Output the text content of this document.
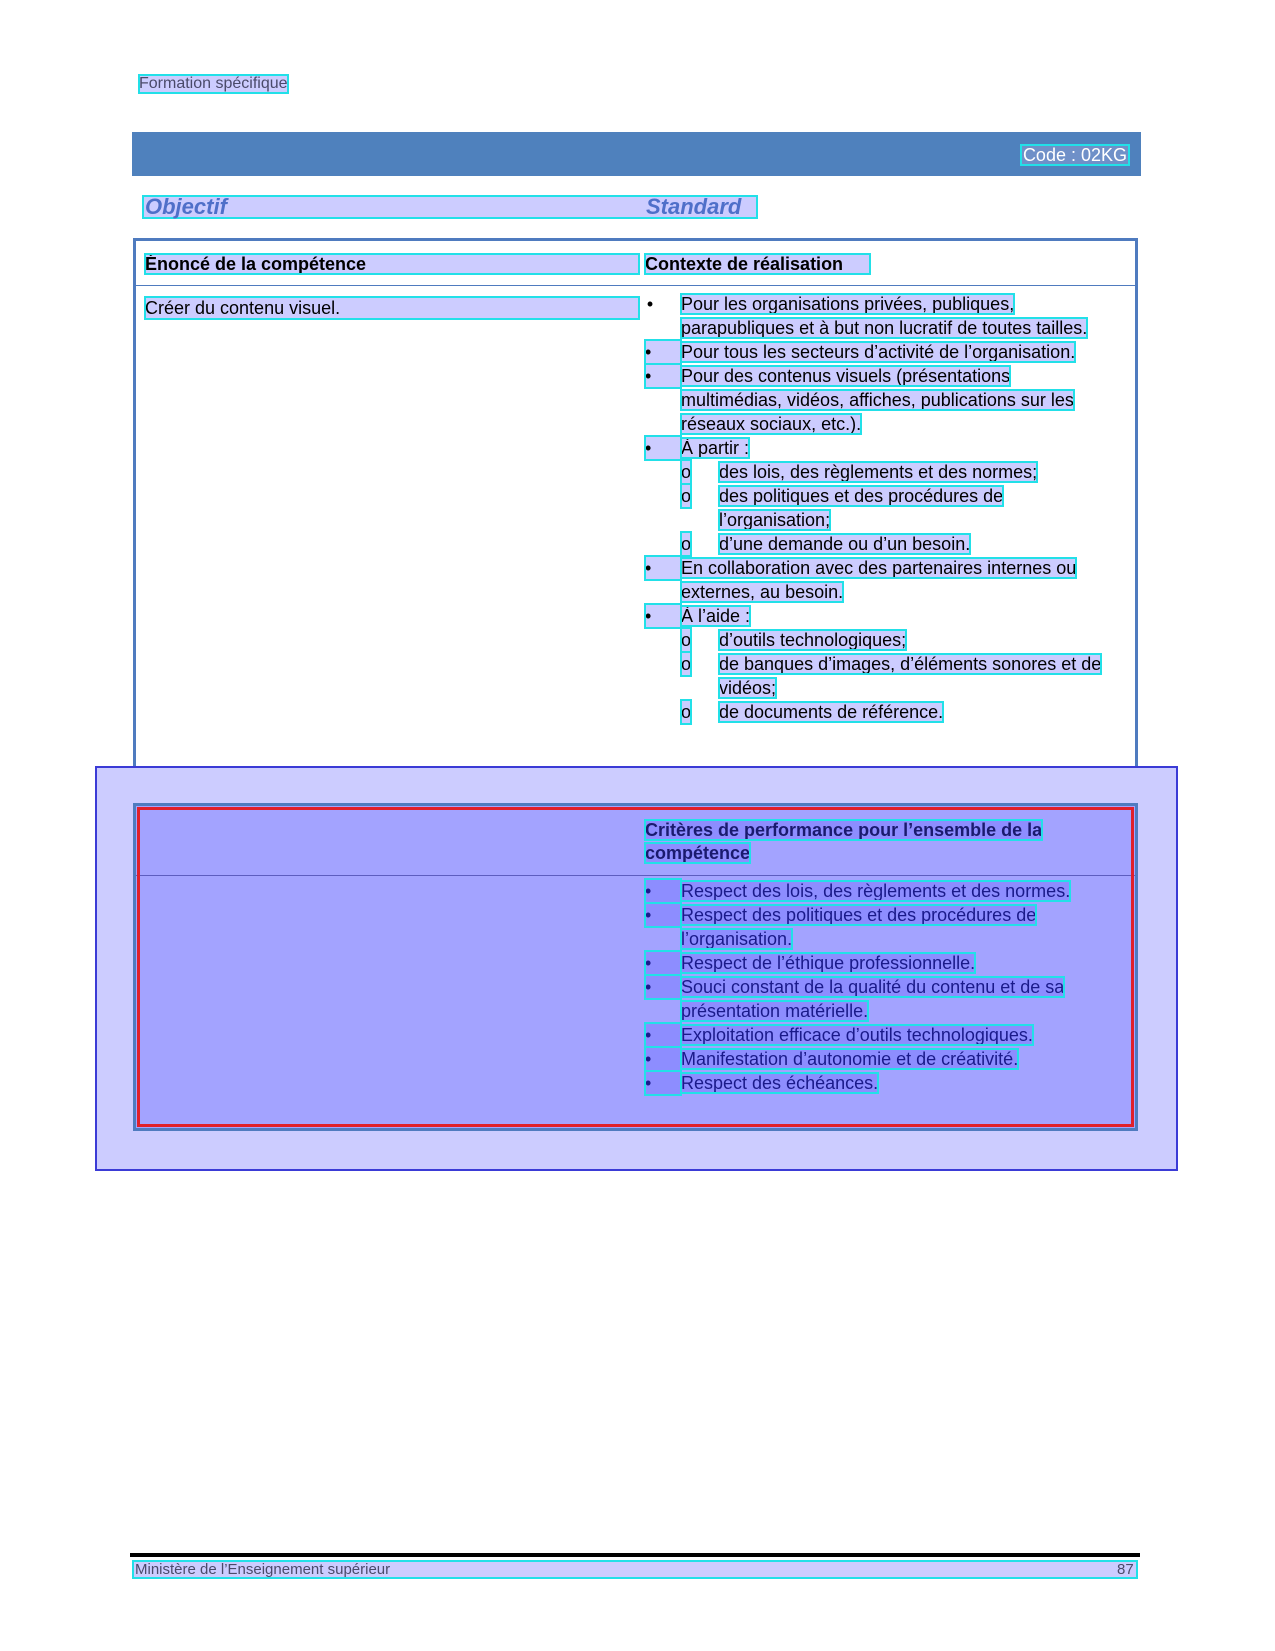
Formation spécifique
Code : 02KG
Objectif	Standard
Énoncé de la compétence	Contexte de réalisation
Créer du contenu visuel.	• Pour les organisations privées, publiques, parapubliques et à but non lucratif de toutes tailles.
•	Pour tous les secteurs d’activité de l’organisation.
•	Pour des contenus visuels (présentations multimédias, vidéos, affiches, publications sur les réseaux sociaux, etc.).
•	À partir :
o des lois, des règlements et des normes;
o des politiques et des procédures de l’organisation;
o d’une demande ou d’un besoin.
•	En collaboration avec des partenaires internes ou externes, au besoin.
•	À l’aide :
o d’outils technologiques;
o de banques d’images, d’éléments sonores et de vidéos;
o de documents de référence.
Critères de performance pour l’ensemble de la compétence
•	Respect des lois, des règlements et des normes.
•	Respect des politiques et des procédures de l’organisation.
•	Respect de l’éthique professionnelle.
•	Souci constant de la qualité du contenu et de sa présentation matérielle.
•	Exploitation efficace d’outils technologiques.
•	Manifestation d’autonomie et de créativité.
•	Respect des échéances.
Ministère de l’Enseignement supérieur	87
